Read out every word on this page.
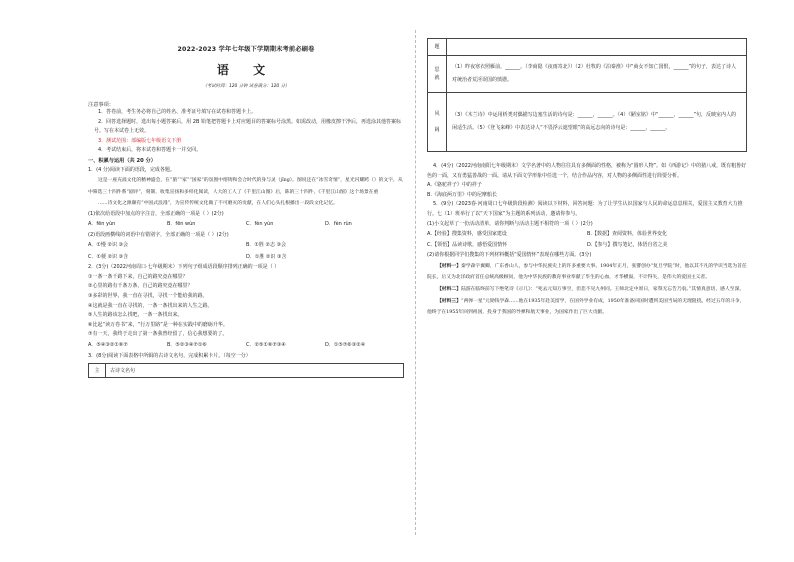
2022-2023 学年七年级下学期期末考前必刷卷
语 文
（考试时间：120 分钟 试卷满分：120 分）
注意事项：
1．答卷前，考生务必将自己的姓名、准考证号填写在试卷和答题卡上。
2．回答选择题时，选出每小题答案后，用 2B 铅笔把答题卡上对应题目的答案标号涂黑。如需改动，用橡皮擦干净后，再选涂其他答案标号。写在本试卷上无效。
3．测试范围：部编版七年级语文下册
4．考试结束后，将本试卷和答题卡一并交回。
一、积累与运用（共 20 分）
1．(4 分)阅读下面的语段，完成各题。
这是一座充溢文化的精神盛会，在“旅”“家”“国家”的氛围中熔铸和会合时代的身与灵（jǐng）。图说还在“冰雪奇情”，星光闪耀跨（）的文字，从中筛选三十四件系“剧评”，刻制、收集宣扬和多样化阅读，人大的工人了《千里江山图》后，陈的三十四件，《千里江山图》这个场景在重
……诗文化之源颇有“中国式浪漫”，为宣传传统文化做了不可磨灭的贡献，在人们心头扎根播出一段段文化记忆。
(1)依次给语段中加点的字注音，全部正确的一项是（ ）(2分)
A．fēn yùn	B．fēn wùn	C．fèn yùn	D．fèn rùn
(2)语段画横线的词语中有错别字，全部正确的一项是（ ）(2分)
A．①慢 ②识 ③会	B．①胜 ②志 ③会
C．①梗 ②识 ③含	D．①胜 ②识 ③含
2．(3分)（2022河南周口·七年级期末）下列句子组成语段顺序排列正确的一项是（ ）
①一条一条千路下来，自己的路究竟在哪里？
②心里的路有千条万条，自己的路究竟在哪里？
③多彩的世界，我一直在寻找，寻找一个能给我的路。
④这就是我一直在寻找的，一条一条找出来的人生之路。
⑤人生的路该怎么找吧，一条一条找出来。
⑥比起“读万卷书”来，“行万里路”是一种在实践中的磨砺升华。
⑦有一天，我终于走出了第一条我曾经留了，信心我想要的了。
A．⑤④③②①⑥⑦	B．⑤②③④⑦①⑥	C．②⑤①⑥⑦③④	D．①⑤⑦⑥③②④
3．(8分)阅读下面表格中所辑的古诗文名句，完成积累卡片。（每空一分）
主	古诗文名句
题	
思
就	（1）昨夜寒衣照雁前，______。（李商隐《夜雨寄北》）（2）杜牧的《泊秦淮》中“商女不知亡国恨，______”的句子，表达了诗人对统治者荒淫误国的愤懑。
风

阔	（3）《木兰诗》中运用析类对偶描写边塞生活的诗句是：______，______。（4）《陋室铭》中“______，______”句，反映室内人的闲适生活。（5）《登飞来峰》中表达诗人“不畏浮云遮望眼”的高远志向的诗句是：______，______。
4．(4分)（2022河南南阳七年级期末）文学名著中的人物往往具有多侧面的性格，被称为“圆形人物”。如《西游记》中的猪八戒，既有粗鲁好色的一面，又有勇猛善战的一面。请从下面文学形象中任选一个，结合作品内容，对人物的多侧面性进行简要分析。
A.《骆驼祥子》中的祥子
B.《海底两万里》中的尼摩船长
5．(9分)（2023春·河南周口七年级阶段检测）阅读以下材料，回答问题：为了让学生认识国家与人民的命运息息相关，爱国主义教育大力推行。七（1）班举行了以“天下国家”为主题的系列活动，邀请你参与。
(1)小文起草了一份活动清单，请你判断与活动主题不相符的一项（ ）(2分)
A.【经验】搜集资料，感受国家建设	B.【数据】查阅资料，体验世界变化
C.【领悟】品读诗歌，感悟爱国情怀	D.【参与】撰写笔记，体悟自省之美
(2)请你根据同学们搜集的下列材料概括“爱国情怀”表现在哪些方面。(3分)
【材料一】秦学森字翼卿，广东香山人，参与中华民族史上的许多重要大事。1904年正月，张謇创办“复旦学院”时，他以其不凡的学识当选为首任院长，后又为北洋政府首任总统高级顾问，他为中华民族的教育事业奉献了毕生的心血，才华横溢，不计得失，是伟大的爱国主义者。
【材料二】陆游在临终前写下绝笔诗《示儿》：“死去元知万事空，但悲不见九州同。王师北定中原日，家祭无忘告乃翁。”其情真意切，感人至深。
【材料三】“两弹一星”元勋钱学森……他在1935年赴美留学，在国外学业有成，1950年准备回国时遭到美国当局的无理阻挠。经过五年的斗争，他终于在1955年回到祖国，投身于我国的导弹和航天事业，为国家作出了巨大贡献。
